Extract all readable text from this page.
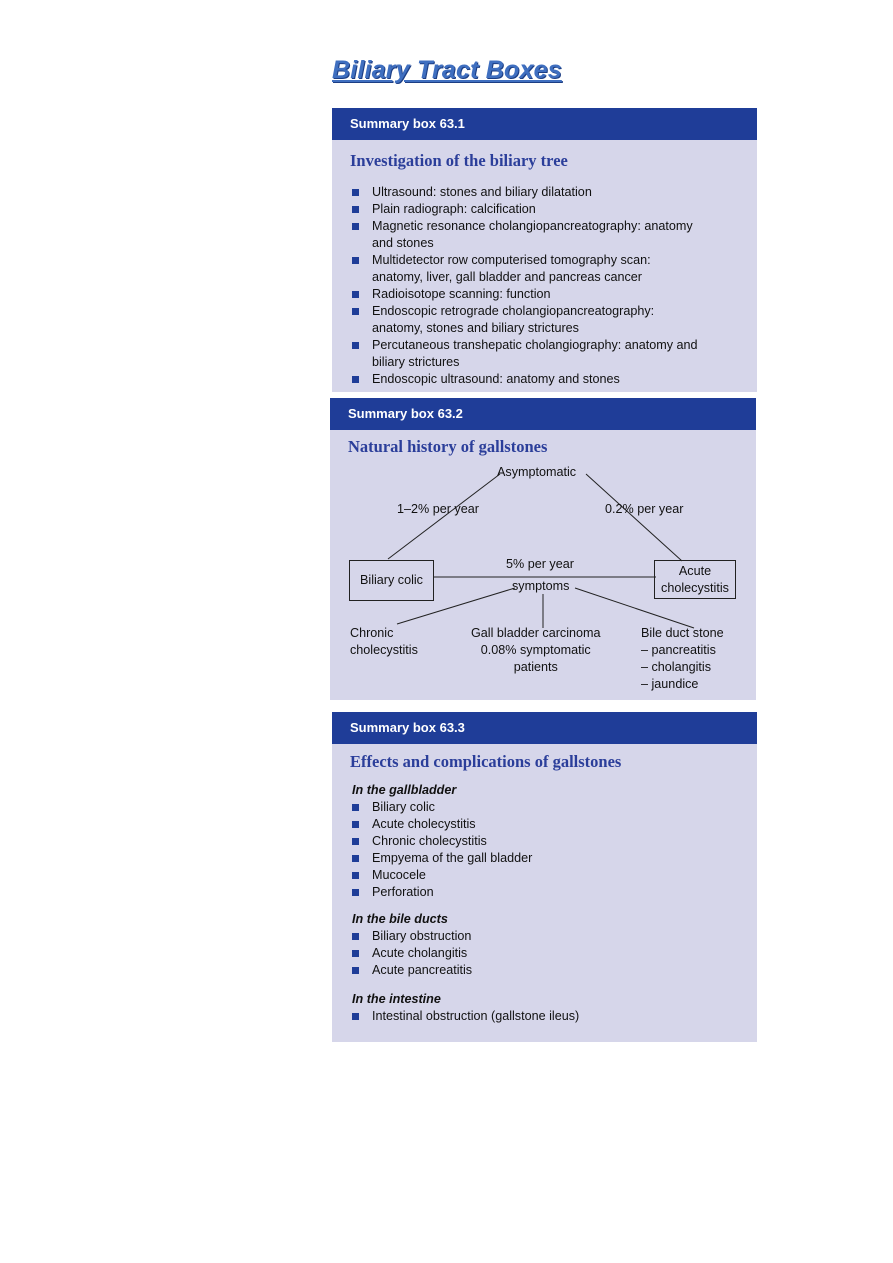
Biliary Tract Boxes
Summary box 63.1
Investigation of the biliary tree
Ultrasound: stones and biliary dilatation
Plain radiograph: calcification
Magnetic resonance cholangiopancreatography: anatomy
and stones
Multidetector row computerised tomography scan:
anatomy, liver, gall bladder and pancreas cancer
Radioisotope scanning: function
Endoscopic retrograde cholangiopancreatography:
anatomy, stones and biliary strictures
Percutaneous transhepatic cholangiography: anatomy and
biliary strictures
Endoscopic ultrasound: anatomy and stones
Summary box 63.2
Natural history of gallstones
Asymptomatic
1–2% per year	0.2% per year
Biliary colic
Acute
cholecystitis
5% per year
symptoms
Chronic
cholecystitis
Gall bladder carcinoma
0.08% symptomatic
patients
Bile duct stone
– pancreatitis
– cholangitis
– jaundice
Summary box 63.3
Effects and complications of gallstones
In the gallbladder
Biliary colic
Acute cholecystitis
Chronic cholecystitis
Empyema of the gall bladder
Mucocele
Perforation
In the bile ducts
Biliary obstruction
Acute cholangitis
Acute pancreatitis
In the intestine
Intestinal obstruction (gallstone ileus)
